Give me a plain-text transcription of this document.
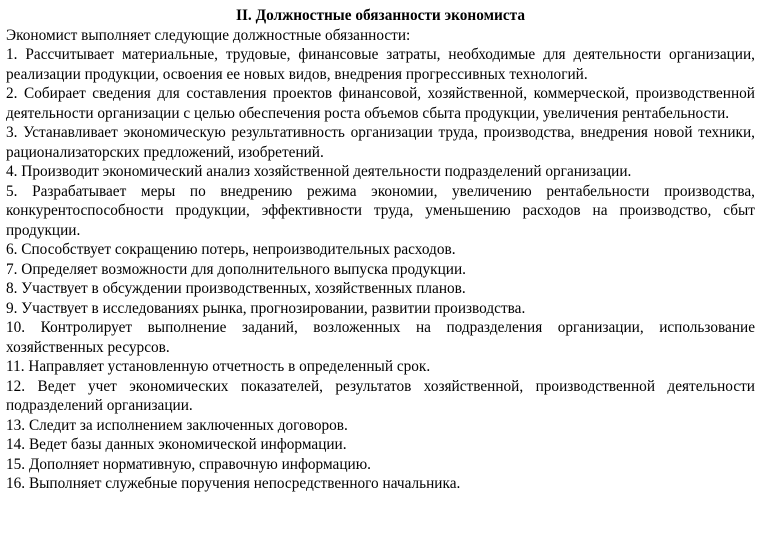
II. Должностные обязанности экономиста

Экономист выполняет следующие должностные обязанности:

1. Рассчитывает материальные, трудовые, финансовые затраты, необходимые для деятельности организации, реализации продукции, освоения ее новых видов, внедрения прогрессивных технологий.

2. Собирает сведения для составления проектов финансовой, хозяйственной, коммерческой, производственной деятельности организации с целью обеспечения роста объемов сбыта продукции, увеличения рентабельности.

3. Устанавливает экономическую результативность организации труда, производства, внедрения новой техники, рационализаторских предложений, изобретений.

4. Производит экономический анализ хозяйственной деятельности подразделений организации.

5. Разрабатывает меры по внедрению режима экономии, увеличению рентабельности производства, конкурентоспособности продукции, эффективности труда, уменьшению расходов на производство, сбыт продукции.

6. Способствует сокращению потерь, непроизводительных расходов.

7. Определяет возможности для дополнительного выпуска продукции.

8. Участвует в обсуждении производственных, хозяйственных планов.

9. Участвует в исследованиях рынка, прогнозировании, развитии производства.

10. Контролирует выполнение заданий, возложенных на подразделения организации, использование хозяйственных ресурсов.

11. Направляет установленную отчетность в определенный срок.

12. Ведет учет экономических показателей, результатов хозяйственной, производственной деятельности подразделений организации.

13. Следит за исполнением заключенных договоров.

14. Ведет базы данных экономической информации.

15. Дополняет нормативную, справочную информацию.

16. Выполняет служебные поручения непосредственного начальника.
